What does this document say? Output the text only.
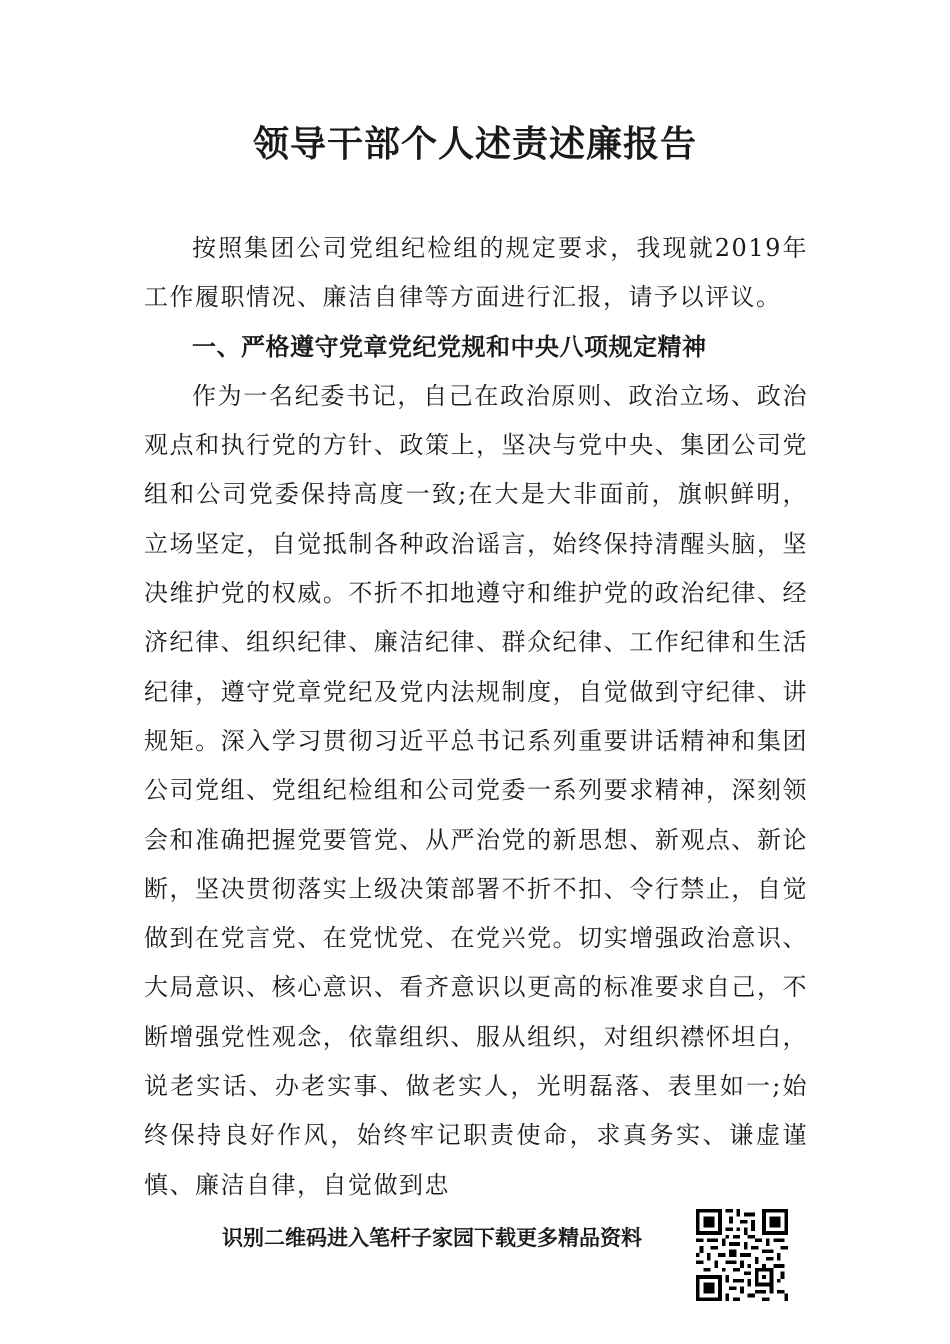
领导干部个人述责述廉报告

按照集团公司党组纪检组的规定要求，我现就2019年工作履职情况、廉洁自律等方面进行汇报，请予以评议。

一、严格遵守党章党纪党规和中央八项规定精神

作为一名纪委书记，自己在政治原则、政治立场、政治观点和执行党的方针、政策上，坚决与党中央、集团公司党组和公司党委保持高度一致;在大是大非面前，旗帜鲜明，立场坚定，自觉抵制各种政治谣言，始终保持清醒头脑，坚决维护党的权威。不折不扣地遵守和维护党的政治纪律、经济纪律、组织纪律、廉洁纪律、群众纪律、工作纪律和生活纪律，遵守党章党纪及党内法规制度，自觉做到守纪律、讲规矩。深入学习贯彻习近平总书记系列重要讲话精神和集团公司党组、党组纪检组和公司党委一系列要求精神，深刻领会和准确把握党要管党、从严治党的新思想、新观点、新论断，坚决贯彻落实上级决策部署不折不扣、令行禁止，自觉做到在党言党、在党忧党、在党兴党。切实增强政治意识、大局意识、核心意识、看齐意识以更高的标准要求自己，不断增强党性观念，依靠组织、服从组织，对组织襟怀坦白，说老实话、办老实事、做老实人，光明磊落、表里如一;始终保持良好作风，始终牢记职责使命，求真务实、谦虚谨慎、廉洁自律，自觉做到忠

识别二维码进入笔杆子家园下载更多精品资料
